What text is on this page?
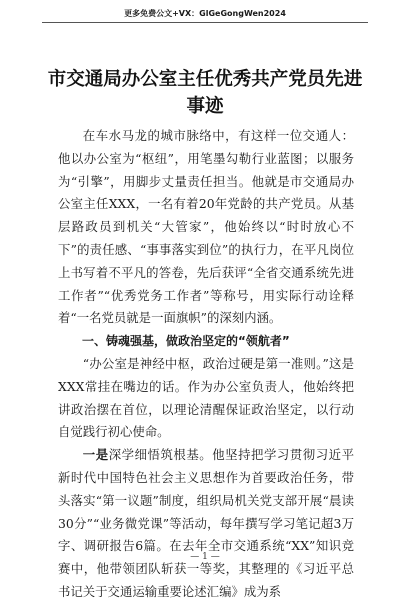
更多免费公文+VX：GlGeGongWen2024
市交通局办公室主任优秀共产党员先进事迹

在车水马龙的城市脉络中，有这样一位交通人：他以办公室为“枢纽”，用笔墨勾勒行业蓝图；以服务为“引擎”，用脚步丈量责任担当。他就是市交通局办公室主任XXX，一名有着20年党龄的共产党员。从基层路政员到机关“大管家”，他始终以“时时放心不下”的责任感、“事事落实到位”的执行力，在平凡岗位上书写着不平凡的答卷，先后获评“全省交通系统先进工作者”“优秀党务工作者”等称号，用实际行动诠释着“一名党员就是一面旗帜”的深刻内涵。

一、铸魂强基，做政治坚定的“领航者”

“办公室是神经中枢，政治过硬是第一准则。”这是XXX常挂在嘴边的话。作为办公室负责人，他始终把讲政治摆在首位，以理论清醒保证政治坚定，以行动自觉践行初心使命。

一是深学细悟筑根基。他坚持把学习贯彻习近平新时代中国特色社会主义思想作为首要政治任务，带头落实“第一议题”制度，组织局机关党支部开展“晨读30分”“业务微党课”等活动，每年撰写学习笔记超3万字、调研报告6篇。在去年全市交通系统“XX”知识竞赛中，他带领团队斩获一等奖，其整理的《习近平总书记关于交通运输重要论述汇编》成为系

— 1 —
